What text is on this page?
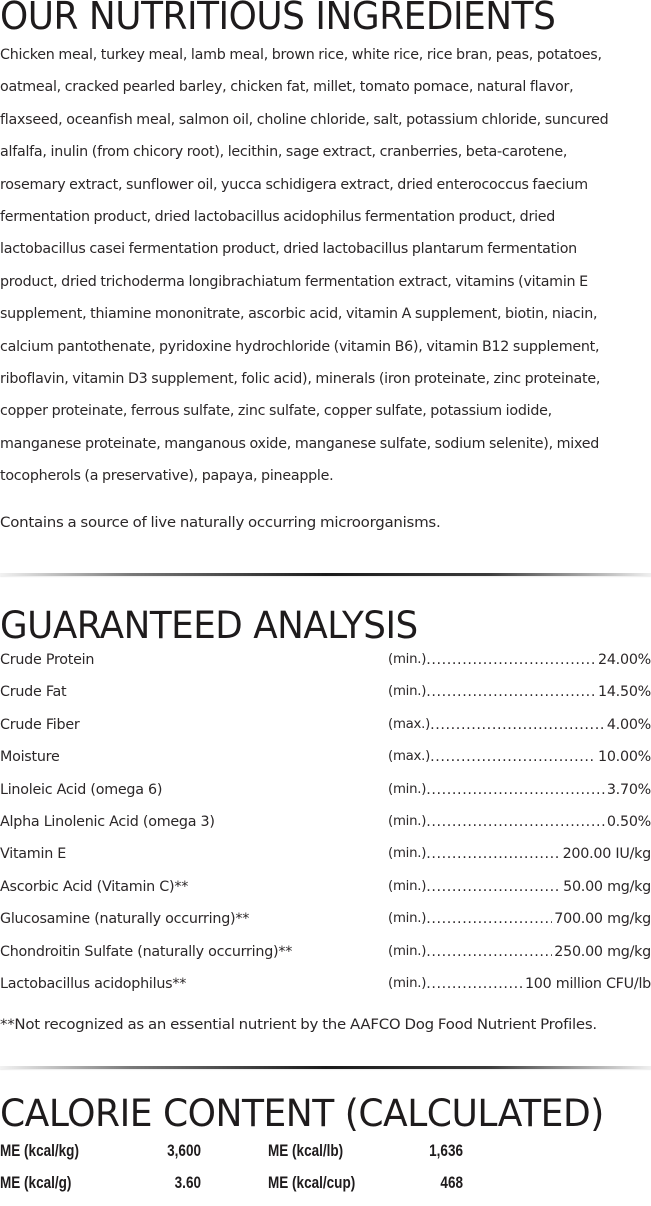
OUR NUTRITIOUS INGREDIENTS
Chicken meal, turkey meal, lamb meal, brown rice, white rice, rice bran, peas, potatoes,
oatmeal, cracked pearled barley, chicken fat, millet, tomato pomace, natural flavor,
flaxseed, oceanfish meal, salmon oil, choline chloride, salt, potassium chloride, suncured
alfalfa, inulin (from chicory root), lecithin, sage extract, cranberries, beta-carotene,
rosemary extract, sunflower oil, yucca schidigera extract, dried enterococcus faecium
fermentation product, dried lactobacillus acidophilus fermentation product, dried
lactobacillus casei fermentation product, dried lactobacillus plantarum fermentation
product, dried trichoderma longibrachiatum fermentation extract, vitamins (vitamin E
supplement, thiamine mononitrate, ascorbic acid, vitamin A supplement, biotin, niacin,
calcium pantothenate, pyridoxine hydrochloride (vitamin B6), vitamin B12 supplement,
riboflavin, vitamin D3 supplement, folic acid), minerals (iron proteinate, zinc proteinate,
copper proteinate, ferrous sulfate, zinc sulfate, copper sulfate, potassium iodide,
manganese proteinate, manganous oxide, manganese sulfate, sodium selenite), mixed
tocopherols (a preservative), papaya, pineapple.
Contains a source of live naturally occurring microorganisms.
GUARANTEED ANALYSIS
Crude Protein	(min.) .....	24.00%
Crude Fat	(min.) .....	14.50%
Crude Fiber	(max.) .....	4.00%
Moisture	(max.) .....	10.00%
Linoleic Acid (omega 6)	(min.) .....	3.70%
Alpha Linolenic Acid (omega 3)	(min.) .....	0.50%
Vitamin E	(min.) .....	200.00 IU/kg
Ascorbic Acid (Vitamin C)**	(min.) .....	50.00 mg/kg
Glucosamine (naturally occurring)**	(min.) .....	700.00 mg/kg
Chondroitin Sulfate (naturally occurring)**	(min.) .....	250.00 mg/kg
Lactobacillus acidophilus**	(min.) .....	100 million CFU/lb
**Not recognized as an essential nutrient by the AAFCO Dog Food Nutrient Profiles.
CALORIE CONTENT (CALCULATED)
ME (kcal/kg)	3,600	ME (kcal/lb)	1,636
ME (kcal/g)	3.60	ME (kcal/cup)	468
